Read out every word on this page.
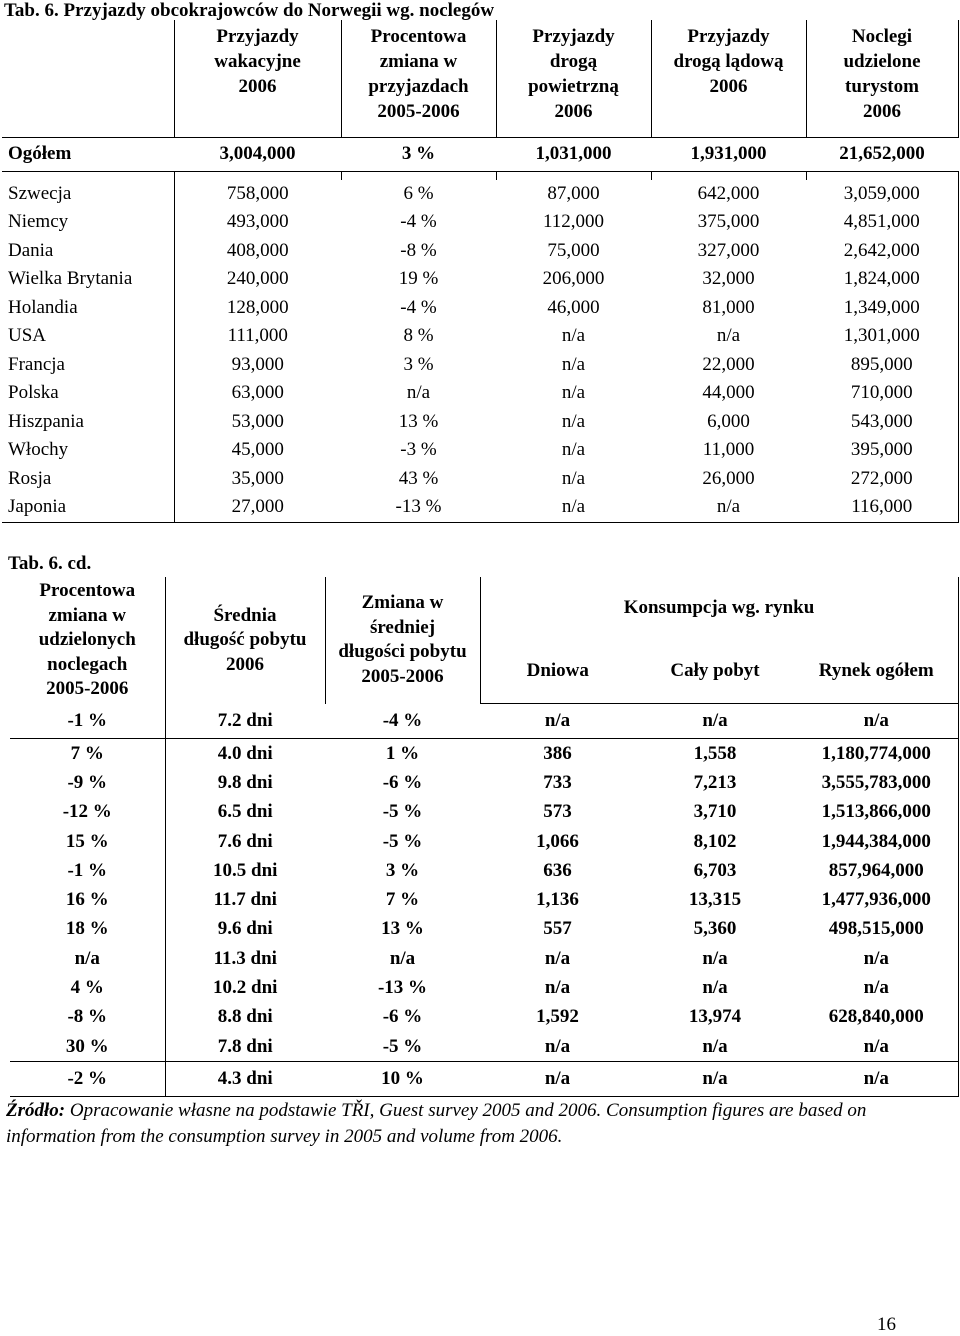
Tab. 6. Przyjazdy obcokrajowców do Norwegii wg. noclegów
	Przyjazdy
wakacyjne
2006	Procentowa
zmiana w
przyjazdach
2005-2006	Przyjazdy
drogą
powietrzną
2006	Przyjazdy
drogą lądową
2006	Noclegi
udzielone
turystom
2006
Ogółem	3,004,000	3 %	1,031,000	1,931,000	21,652,000

Szwecja	758,000	6 %	87,000	642,000	3,059,000
Niemcy	493,000	-4 %	112,000	375,000	4,851,000
Dania	408,000	-8 %	75,000	327,000	2,642,000
Wielka Brytania	240,000	19 %	206,000	32,000	1,824,000
Holandia	128,000	-4 %	46,000	81,000	1,349,000
USA	111,000	8 %	n/a	n/a	1,301,000
Francja	93,000	3 %	n/a	22,000	895,000
Polska	63,000	n/a	n/a	44,000	710,000
Hiszpania	53,000	13 %	n/a	6,000	543,000
Włochy	45,000	-3 %	n/a	11,000	395,000
Rosja	35,000	43 %	n/a	26,000	272,000
Japonia	27,000	-13 %	n/a	n/a	116,000
Tab. 6. cd.
Procentowa
zmiana w
udzielonych
noclegach
2005-2006	Średnia
długość pobytu
2006	Zmiana w
średniej
długości pobytu
2005-2006	Konsumpcja wg. rynku		
			Dniowa	Cały pobyt	Rynek ogółem
-1 %	7.2 dni	-4 %	n/a	n/a	n/a
7 %	4.0 dni	1 %	386	1,558	1,180,774,000
-9 %	9.8 dni	-6 %	733	7,213	3,555,783,000
-12 %	6.5 dni	-5 %	573	3,710	1,513,866,000
15 %	7.6 dni	-5 %	1,066	8,102	1,944,384,000
-1 %	10.5 dni	3 %	636	6,703	857,964,000
16 %	11.7 dni	7 %	1,136	13,315	1,477,936,000
18 %	9.6 dni	13 %	557	5,360	498,515,000
n/a	11.3 dni	n/a	n/a	n/a	n/a
4 %	10.2 dni	-13 %	n/a	n/a	n/a
-8 %	8.8 dni	-6 %	1,592	13,974	628,840,000
30 %	7.8 dni	-5 %	n/a	n/a	n/a
-2 %	4.3 dni	10 %	n/a	n/a	n/a
Źródło: Opracowanie własne na podstawie TŘI, Guest survey 2005 and 2006. Consumption figures are based on information from the consumption survey in 2005 and volume from 2006.
16
